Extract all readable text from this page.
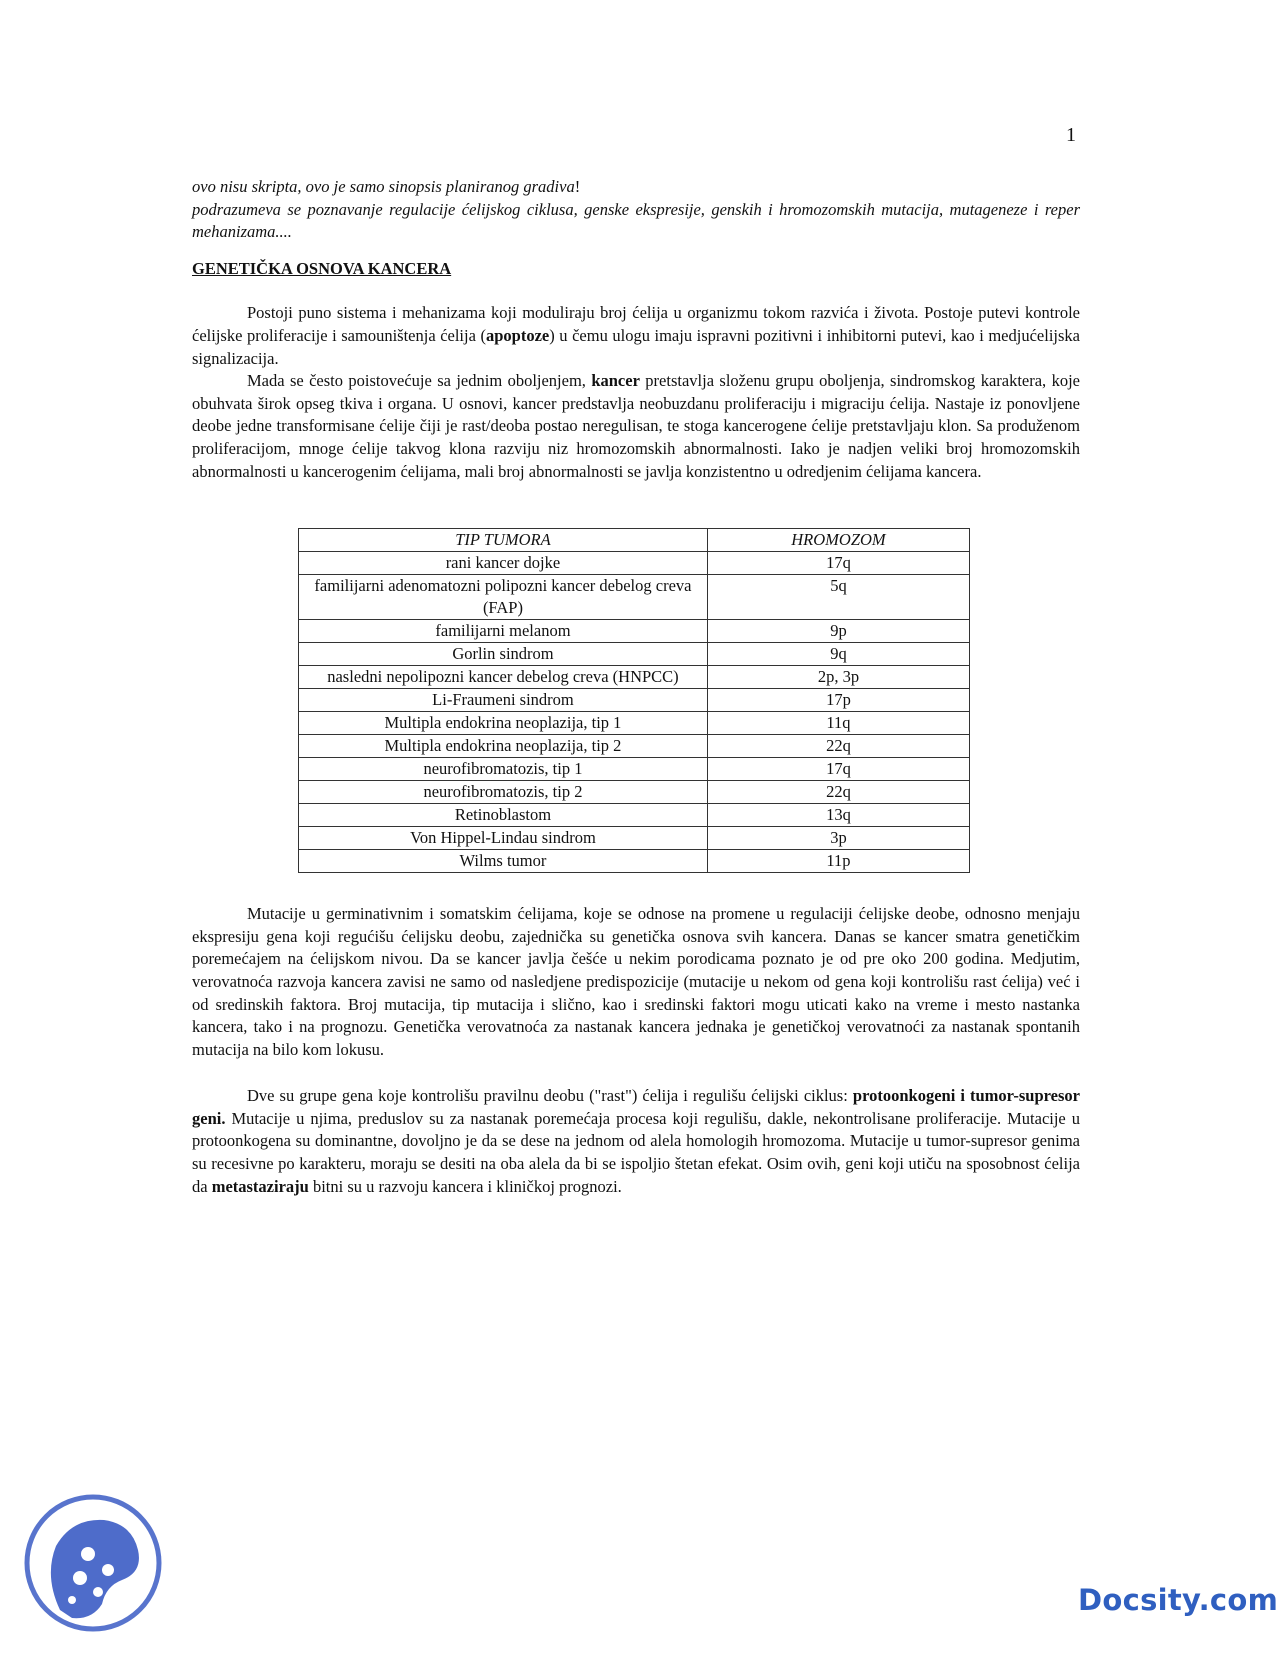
1
ovo nisu skripta, ovo je samo sinopsis planiranog gradiva!
podrazumeva se poznavanje regulacije ćelijskog ciklusa, genske ekspresije, genskih i hromozomskih mutacija, mutageneze i reper mehanizama....
GENETIČKA OSNOVA KANCERA

Postoji puno sistema i mehanizama koji moduliraju broj ćelija u organizmu tokom razvića i života. Postoje putevi kontrole ćelijske proliferacije i samouništenja ćelija (apoptoze) u čemu ulogu imaju ispravni pozitivni i inhibitorni putevi, kao i medjućelijska signalizacija.

Mada se često poistovećuje sa jednim oboljenjem, kancer pretstavlja složenu grupu oboljenja, sindromskog karaktera, koje obuhvata širok opseg tkiva i organa. U osnovi, kancer predstavlja neobuzdanu proliferaciju i migraciju ćelija. Nastaje iz ponovljene deobe jedne transformisane ćelije čiji je rast/deoba postao neregulisan, te stoga kancerogene ćelije pretstavljaju klon. Sa produženom proliferacijom, mnoge ćelije takvog klona razviju niz hromozomskih abnormalnosti. Iako je nadjen veliki broj hromozomskih abnormalnosti u kancerogenim ćelijama, mali broj abnormalnosti se javlja konzistentno u odredjenim ćelijama kancera.

TIP TUMORA	HROMOZOM
rani kancer dojke	17q
familijarni adenomatozni polipozni kancer debelog creva (FAP)	5q
familijarni melanom	9p
Gorlin sindrom	9q
nasledni nepolipozni kancer debelog creva (HNPCC)	2p, 3p
Li-Fraumeni sindrom	17p
Multipla endokrina neoplazija, tip 1	11q
Multipla endokrina neoplazija, tip 2	22q
neurofibromatozis, tip 1	17q
neurofibromatozis, tip 2	22q
Retinoblastom	13q
Von Hippel-Lindau sindrom	3p
Wilms tumor	11p

Mutacije u germinativnim i somatskim ćelijama, koje se odnose na promene u regulaciji ćelijske deobe, odnosno menjaju ekspresiju gena koji regućišu ćelijsku deobu, zajednička su genetička osnova svih kancera. Danas se kancer smatra genetičkim poremećajem na ćelijskom nivou. Da se kancer javlja češće u nekim porodicama poznato je od pre oko 200 godina. Medjutim, verovatnoća razvoja kancera zavisi ne samo od nasledjene predispozicije (mutacije u nekom od gena koji kontrolišu rast ćelija) već i od sredinskih faktora. Broj mutacija, tip mutacija i slično, kao i sredinski faktori mogu uticati kako na vreme i mesto nastanka kancera, tako i na prognozu. Genetička verovatnoća za nastanak kancera jednaka je genetičkoj verovatnoći za nastanak spontanih mutacija na bilo kom lokusu.

Dve su grupe gena koje kontrolišu pravilnu deobu ("rast") ćelija i regulišu ćelijski ciklus: protoonkogeni i tumor-supresor geni. Mutacije u njima, preduslov su za nastanak poremećaja procesa koji regulišu, dakle, nekontrolisane proliferacije. Mutacije u protoonkogena su dominantne, dovoljno je da se dese na jednom od alela homologih hromozoma. Mutacije u tumor-supresor genima su recesivne po karakteru, moraju se desiti na oba alela da bi se ispoljio štetan efekat. Osim ovih, geni koji utiču na sposobnost ćelija da metastaziraju bitni su u razvoju kancera i kliničkoj prognozi.

Docsity.com
